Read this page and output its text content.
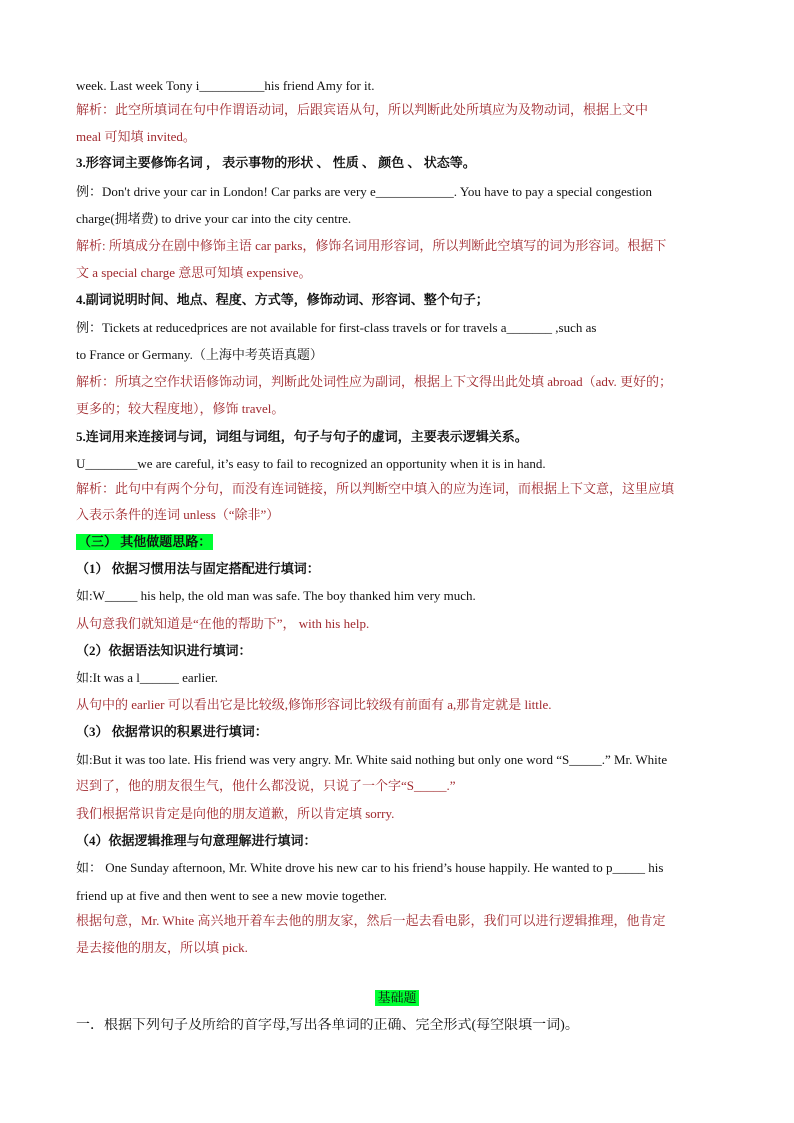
week. Last week Tony i__________his friend Amy for it.
解析：此空所填词在句中作谓语动词，后跟宾语从句，所以判断此处所填应为及物动词，根据上文中
meal 可知填 invited。
3.形容词主要修饰名词 ， 表示事物的形状 、 性质 、 颜色 、 状态等。
例：Don't drive your car in London! Car parks are very e____________. You have to pay a special congestion
charge(拥堵费) to drive your car into the city centre.
解析: 所填成分在剧中修饰主语 car parks，修饰名词用形容词，所以判断此空填写的词为形容词。根据下
文 a special charge 意思可知填 expensive。
4.副词说明时间、地点、程度、方式等，修饰动词、形容词、整个句子；
例：Tickets at reducedprices are not available for first-class travels or for travels a_______ ,such as
to France or Germany.（上海中考英语真题）
解析：所填之空作状语修饰动词，判断此处词性应为副词，根据上下文得出此处填 abroad（adv. 更好的；
更多的；较大程度地），修饰 travel。
5.连词用来连接词与词，词组与词组，句子与句子的虚词，主要表示逻辑关系。
U________we are careful, it’s easy to fail to recognized an opportunity when it is in hand.
解析：此句中有两个分句，而没有连词链接，所以判断空中填入的应为连词，而根据上下文意，这里应填
入表示条件的连词 unless（“除非”）
（三） 其他做题思路：
（1） 依据习惯用法与固定搭配进行填词：
如:W_____ his help, the old man was safe. The boy thanked him very much.
从句意我们就知道是“在他的帮助下”， with his help.
（2）依据语法知识进行填词：
如:It was a l______ earlier.
从句中的 earlier 可以看出它是比较级,修饰形容词比较级有前面有 a,那肯定就是 little.
（3） 依据常识的积累进行填词：
如:But it was too late. His friend was very angry. Mr. White said nothing but only one word “S_____.” Mr. White
迟到了，他的朋友很生气，他什么都没说，只说了一个字“S_____.”
我们根据常识肯定是向他的朋友道歉，所以肯定填 sorry.
（4）依据逻辑推理与句意理解进行填词：
如： One Sunday afternoon, Mr. White drove his new car to his friend’s house happily. He wanted to p_____ his
friend up at five and then went to see a new movie together.
根据句意，Mr. White 高兴地开着车去他的朋友家，然后一起去看电影，我们可以进行逻辑推理，他肯定
是去接他的朋友，所以填 pick.
基础题
一．根据下列句子及所给的首字母,写出各单词的正确、完全形式(每空限填一词)。
